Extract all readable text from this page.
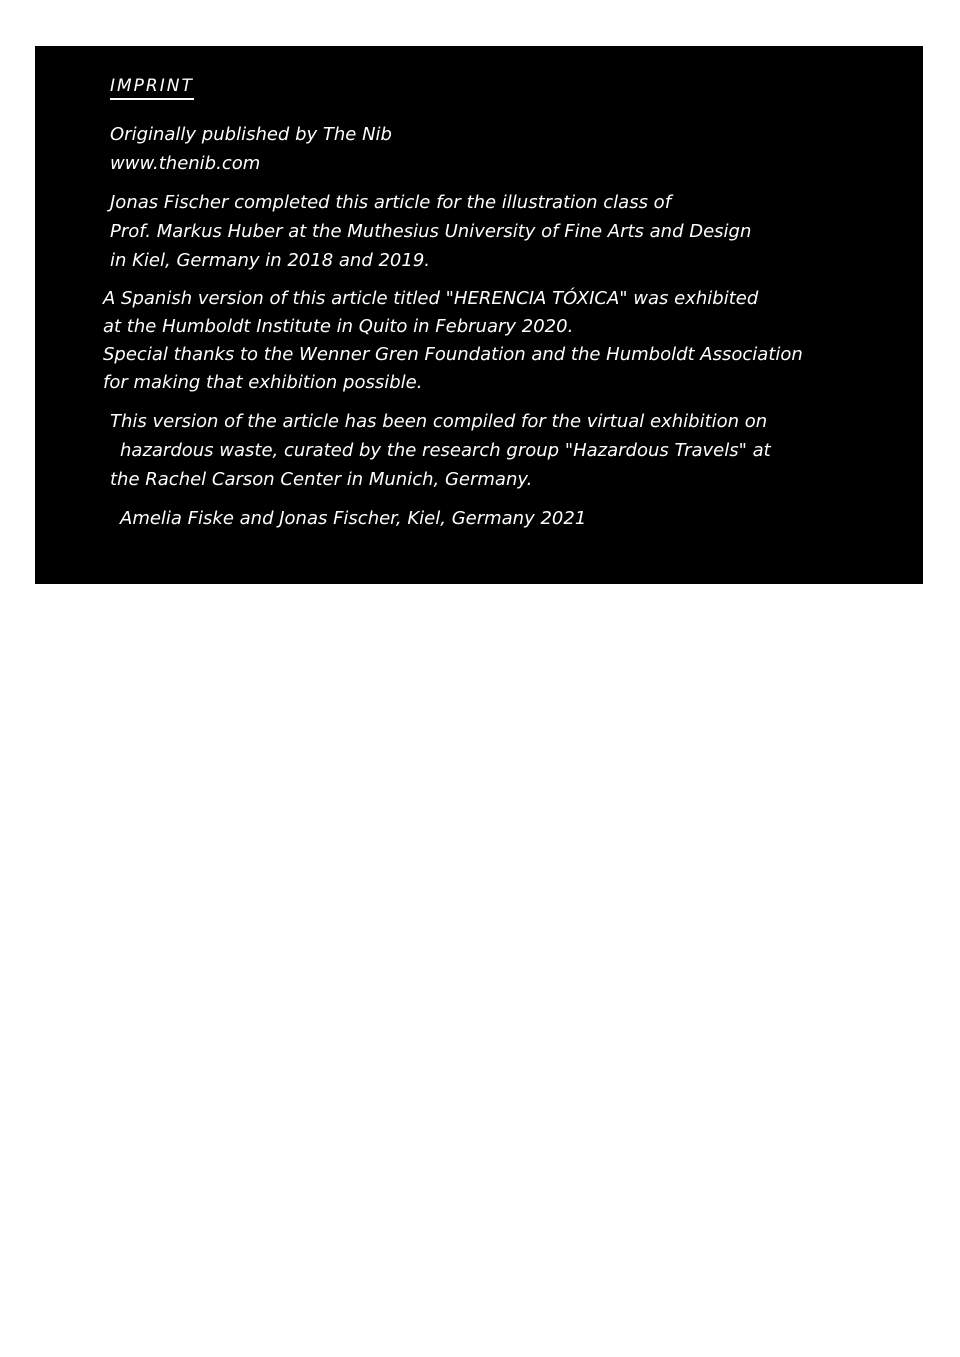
IMPRINT
Originally published by The Nib
www.thenib.com
Jonas Fischer completed this article for the illustration class of
Prof. Markus Huber at the Muthesius University of Fine Arts and Design
in Kiel, Germany in 2018 and 2019.
A Spanish version of this article titled "HERENCIA TÓXICA" was exhibited
at the Humboldt Institute in Quito in February 2020.
Special thanks to the Wenner Gren Foundation and the Humboldt Association
for making that exhibition possible.
This version of the article has been compiled for the virtual exhibition on
hazardous waste, curated by the research group "Hazardous Travels" at
the Rachel Carson Center in Munich, Germany.
Amelia Fiske and Jonas Fischer, Kiel, Germany 2021
